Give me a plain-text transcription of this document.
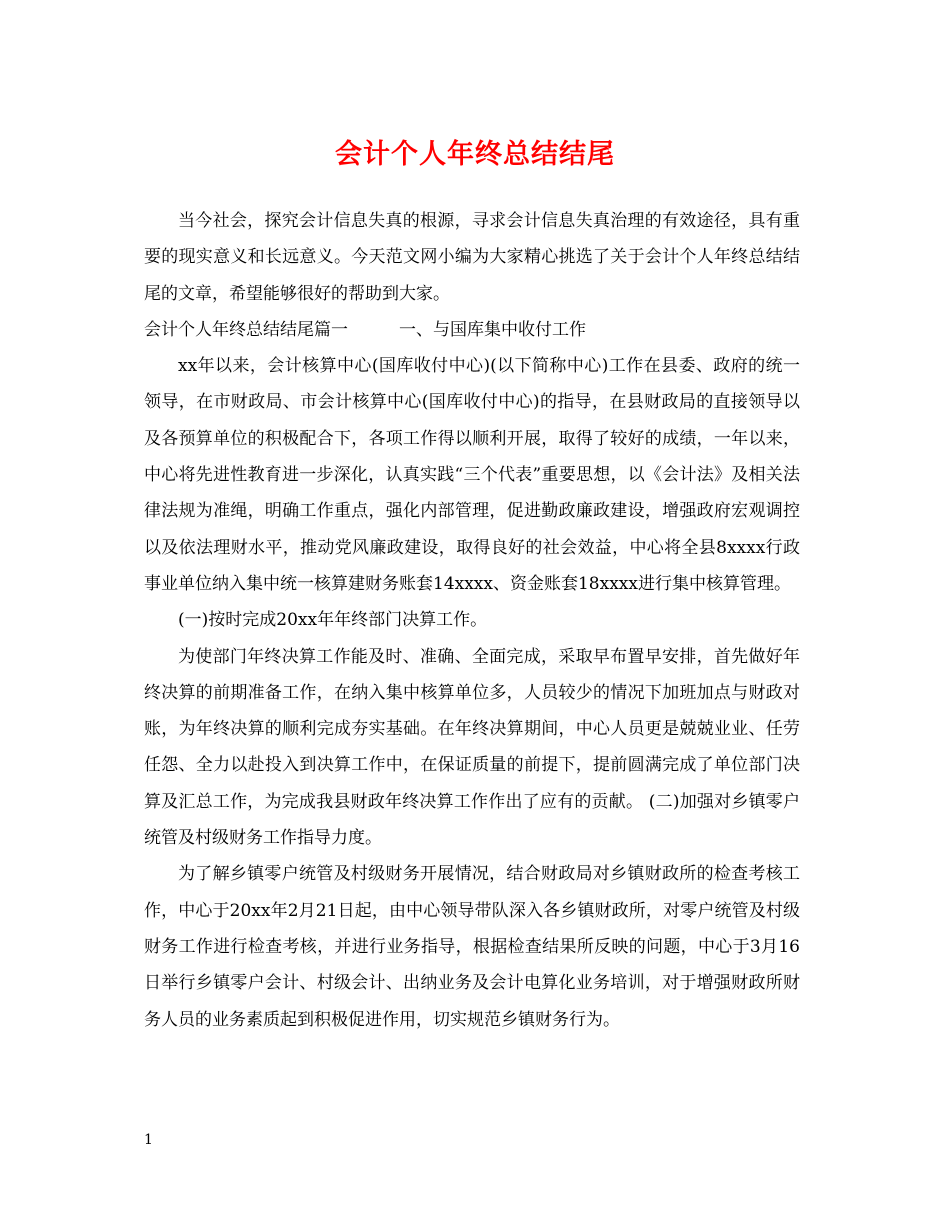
会计个人年终总结结尾

当今社会，探究会计信息失真的根源，寻求会计信息失真治理的有效途径，具有重要的现实意义和长远意义。今天范文网小编为大家精心挑选了关于会计个人年终总结结尾的文章，希望能够很好的帮助到大家。

会计个人年终总结结尾篇一　　　一、与国库集中收付工作

xx年以来，会计核算中心(国库收付中心)(以下简称中心)工作在县委、政府的统一领导，在市财政局、市会计核算中心(国库收付中心)的指导，在县财政局的直接领导以及各预算单位的积极配合下，各项工作得以顺利开展，取得了较好的成绩，一年以来，中心将先进性教育进一步深化，认真实践“三个代表”重要思想，以《会计法》及相关法律法规为准绳，明确工作重点，强化内部管理，促进勤政廉政建设，增强政府宏观调控以及依法理财水平，推动党风廉政建设，取得良好的社会效益，中心将全县8xxxx行政事业单位纳入集中统一核算建财务账套14xxxx、资金账套18xxxx进行集中核算管理。

(一)按时完成20xx年年终部门决算工作。

为使部门年终决算工作能及时、准确、全面完成，采取早布置早安排，首先做好年终决算的前期准备工作，在纳入集中核算单位多，人员较少的情况下加班加点与财政对账，为年终决算的顺利完成夯实基础。在年终决算期间，中心人员更是兢兢业业、任劳任怨、全力以赴投入到决算工作中，在保证质量的前提下，提前圆满完成了单位部门决算及汇总工作，为完成我县财政年终决算工作作出了应有的贡献。 (二)加强对乡镇零户统管及村级财务工作指导力度。

为了解乡镇零户统管及村级财务开展情况，结合财政局对乡镇财政所的检查考核工作，中心于20xx年2月21日起，由中心领导带队深入各乡镇财政所，对零户统管及村级财务工作进行检查考核，并进行业务指导，根据检查结果所反映的问题，中心于3月16日举行乡镇零户会计、村级会计、出纳业务及会计电算化业务培训，对于增强财政所财务人员的业务素质起到积极促进作用，切实规范乡镇财务行为。

1
